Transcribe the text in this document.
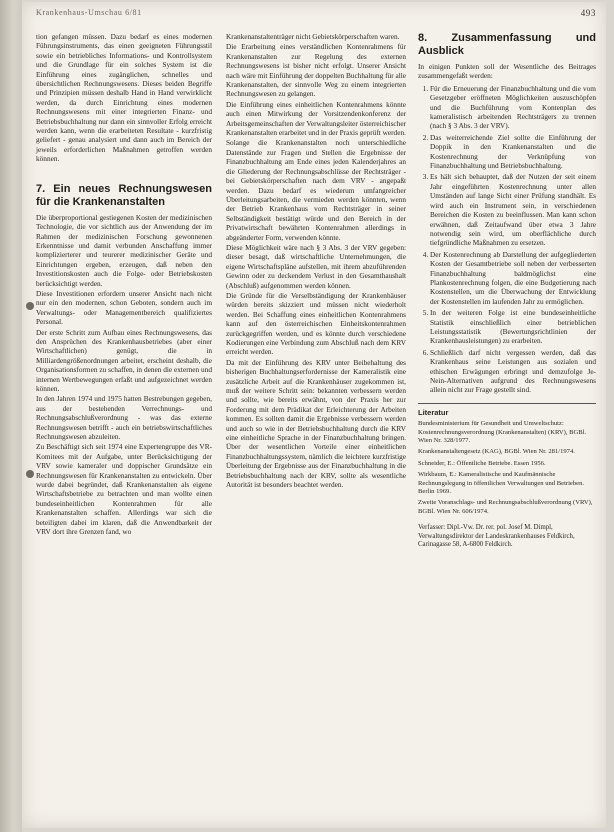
Krankenhaus-Umschau 6/81	493

tion gefangen müssen. Dazu bedarf es eines modernen Führungsinstruments, das einen geeigneten Führungsstil sowie ein betriebliches Informations- und Kontrollsystem und die Grundlage für ein solches System ist die Einführung eines zugänglichen, schnelles und übersichtlichen Rechnungswesens. Dieses beiden Begriffe und Prinzipien müssen deshalb Hand in Hand verwirklicht werden, da durch Einrichtung eines modernen Rechnungswesens mit einer integrierten Finanz- und Betriebsbuchhaltung nur dann ein sinnvoller Erfolg erreicht werden kann, wenn die erarbeiteten Resultate - kurzfristig geliefert - genau analysiert und dann auch im Bereich der jeweils erforderlichen Maßnahmen getroffen werden können.

7. Ein neues Rechnungswesen für die Krankenanstalten

Die überproportional gestiegenen Kosten der medizinischen Technologie, die vor sichtlich aus der Anwendung der im Rahmen der medizinischen Forschung gewonnenen Erkenntnisse und damit verbunden Anschaffung immer komplizierterer und teurerer medizinischer Geräte und Einrichtungen ergeben, erzeugen, daß neben den Investitionskosten auch die Folge- oder Betriebskosten berücksichtigt werden.

Diese Investitionen erfordern unserer Ansicht nach nicht nur ein den modernen, schon Geboten, sondern auch im Verwaltungs- oder Managementbereich qualifiziertes Personal.

Der erste Schritt zum Aufbau eines Rechnungswesens, das den Ansprüchen des Krankenhausbetriebes (aber einer Wirtschaftlichen) genügt, die in Milliardengrößenordnungen arbeitet, erscheint deshalb, die Organisationsformen zu schaffen, in denen die externen und internen Wertbewegungen erfaßt und aufgezeichnet werden können.

In den Jahren 1974 und 1975 hatten Bestrebungen gegeben, aus der bestehenden Verrechnungs- und Rechnungsabschlußverordnung - was das externe Rechnungswesen betrifft - auch ein betriebswirtschaftliches Rechnungswesen abzuleiten.

Zu Beschäftigt sich seit 1974 eine Expertengruppe des VR-Komitees mit der Aufgabe, unter Berücksichtigung der VRV sowie kameraler und doppischer Grundsätze ein Rechnungswesen für Krankenanstalten zu entwickeln. Über wurde dabei begründet, daß Krankenanstalten als eigene Wirtschaftsbetriebe zu betrachten und man wollte einen bundeseinheitlichen Kontenrahmen für alle Krankenanstalten schaffen. Allerdings war sich die beteiligten dabei im klaren, daß die Anwendbarkeit der VRV dort ihre Grenzen fand, wo

Krankenanstaltenträger nicht Gebietskörperschaften waren.

Die Erarbeitung eines verständlichen Kontenrahmens für Krankenanstalten zur Regelung des externen Rechnungswesens ist bisher nicht erfolgt. Unserer Ansicht nach wäre mit Einführung der doppelten Buchhaltung für alle Krankenanstalten, der sinnvolle Weg zu einem integrierten Rechnungswesen zu gelangen.

Die Einführung eines einheitlichen Kontenrahmens könnte auch einen Mitwirkung der Vorsitzendenkonferenz der Arbeitsgemeinschaften der Verwaltungsleiter österreichischer Krankenanstalten erarbeitet und in der Praxis geprüft werden.

Solange die Krankenanstalten noch unterschiedliche Datenstände zur Fragen und Stellen die Ergebnisse der Finanzbuchhaltung am Ende eines jeden Kalenderjahres an die Gliederung der Rechnungsabschlüsse der Rechtsträger - bei Gebietskörperschaften nach dem VRV - angepaßt werden. Dazu bedarf es wiederum umfangreicher Überleitungsarbeiten, die vermieden werden könnten, wenn der Betrieb Krankenhaus vom Rechtsträger in seiner Selbständigkeit bestätigt würde und den Bereich in der Privatwirtschaft bewährten Kontenrahmen allerdings in abgeänderter Form, verwenden könnte.

Diese Möglichkeit wäre nach § 3 Abs. 3 der VRV gegeben: dieser besagt, daß wirtschaftliche Unternehmungen, die eigene Wirtschaftspläne aufstellen, mit ihrem abzuführenden Gewinn oder zu deckendem Verlust in den Gesamthaushalt (Abschluß) aufgenommen werden können.

Die Gründe für die Verselbständigung der Krankenhäuser würden bereits skizziert und müssen nicht wiederholt werden. Bei Schaffung eines einheitlichen Kontenrahmens kann auf den österreichischen Einheitskontenrahmen zurückgegriffen werden, und es könnte durch verschiedene Kodierungen eine Verbindung zum Abschluß nach dem KRV erreicht werden.

Da mit der Einführung des KRV unter Beibehaltung des bisherigen Buchhaltungserfordernisse der Kameralistik eine zusätzliche Arbeit auf die Krankenhäuser zugekommen ist, muß der weitere Schritt sein: bekannten verbessern werden und sollte, wie bereits erwähnt, von der Praxis her zur Forderung mit dem Prädikat der Erleichterung der Arbeiten kommen. Es sollten damit die Ergebnisse verbessern werden und auch so wie in der Betriebsbuchhaltung durch die KRV eine einheitliche Sprache in der Finanzbuchhaltung bringen. Über der wesentlichen Vorteile einer einheitlichen Finanzbuchhaltungssystem, nämlich die leichtere kurzfristige Überleitung der Ergebnisse aus der Finanzbuchhaltung in die Betriebsbuchhaltung nach der KRV, sollte als wesentliche Autorität ist besonders beachtet werden.

8. Zusammenfassung und Ausblick

In einigen Punkten soll der Wesentliche des Beitrages zusammengefaßt werden:

1. Für die Erneuerung der Finanzbuchhaltung und die vom Gesetzgeber eröffneten Möglichkeiten auszuschöpfen und die Buchführung vom Kontenplan des kameralistisch arbeitenden Rechtsträgers zu trennen (nach § 3 Abs. 3 der VRV).
2. Das weiterreichende Ziel sollte die Einführung der Doppik in den Krankenanstalten und die Kostenrechnung der Verknüpfung von Finanzbuchhaltung und Betriebsbuchhaltung.
3. Es hält sich behauptet, daß der Nutzen der seit einem Jahr eingeführten Kostenrechnung unter allen Umständen auf lange Sicht einer Prüfung standhält. Es wird auch ein Instrument sein, in verschiedenen Bereichen die Kosten zu beeinflussen. Man kann schon erwähnen, daß Zeitaufwand über etwa 3 Jahre notwendig sein wird, um oberflächliche durch tiefgründliche Maßnahmen zu ersetzen.
4. Der Kostenrechnung ab Darstellung der aufgegliederten Kosten der Gesamtbetriebe soll neben der verbesserten Finanzbuchhaltung baldmöglichst eine Plankostenrechnung folgen, die eine Budgetierung nach Kostenstellen, um die Überwachung der Entwicklung der Kostenstellen im laufenden Jahr zu ermöglichen.
5. In der weiteren Folge ist eine bundeseinheitliche Statistik einschließlich einer betrieblichen Leistungsstatistik (Bewertungsrichtlinien der Krankenhausleistungen) zu erarbeiten.
6. Schließlich darf nicht vergessen werden, daß das Krankenhaus seine Leistungen aus sozialen und ethischen Erwägungen erbringt und demzufolge Je-Nein-Alternativen aufgrund des Rechnungswesens allein nicht zur Frage gestellt sind.
Literatur

Bundesministerium für Gesundheit und Umweltschutz: Kostenrechnungsverordnung (Krankenanstalten) (KRV), BGBl. Wien Nr. 328/1977.

Krankenanstaltengesetz (KAG), BGBl. Wien Nr. 281/1974.

Schneider, E.: Öffentliche Betriebe. Essen 1956.

Wirkbaum, E.: Kameralistische und Kaufmännische Rechnungslegung in öffentlichen Verwaltungen und Betrieben. Berlin 1969.

Zweite Voranschlags- und Rechnungsabschlußverordnung (VRV), BGBl. Wien Nr. 606/1974.

Verfasser: Dipl.-Vw. Dr. rer. pol. Josef M. Dimpl, Verwaltungsdirektor der Landeskrankenhauses Feldkirch, Carinagasse 58, A-6800 Feldkirch.
